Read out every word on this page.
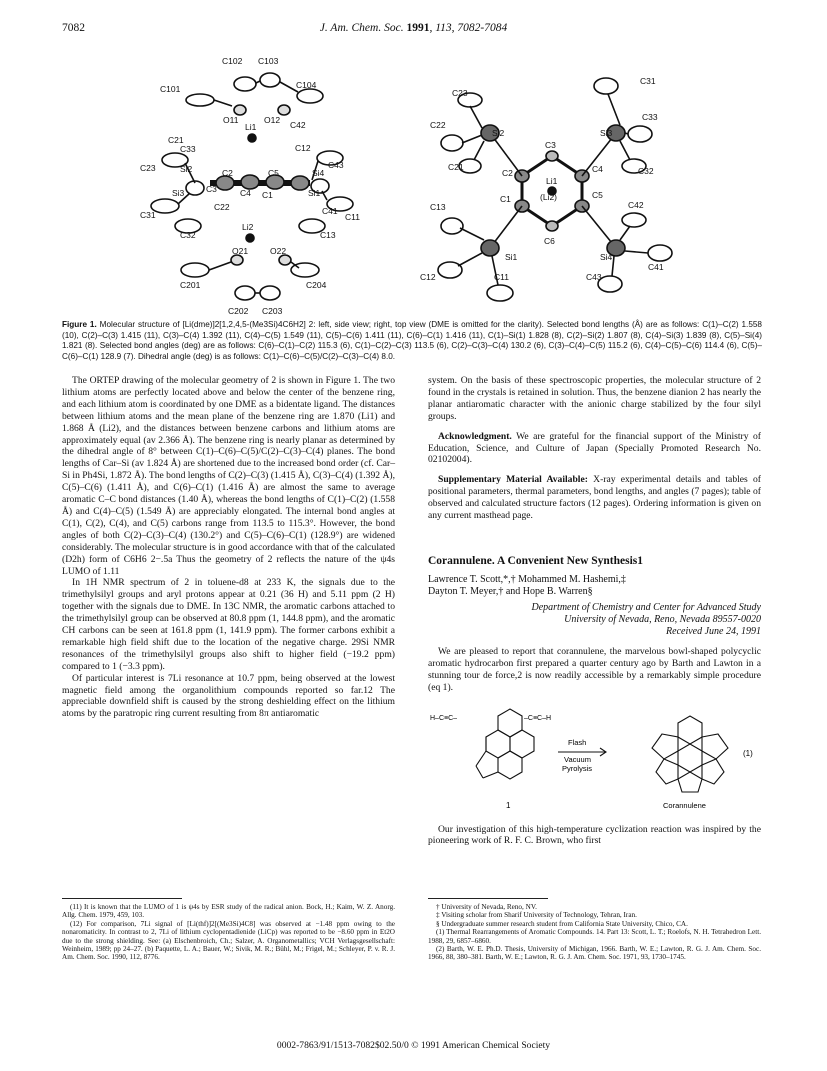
7082	J. Am. Chem. Soc. 1991, 113, 7082-7084
C102 C103
C101	C104
O11	O12
C21
Li1	C42
C33	C12
C43
C23	Si2	C2	C5	Si4
Si3	C3	C4 C1	Si1
C31
C22	C41
C11
C32
Li2
C13
O21	O22
C201	C204
C202 C203
C31
C23
C33
C22
Si2	Si3
C3
C21
C2	C4	C32
Li1
(Li2)
C1	C5
C13	C42
C6
Si1	Si4
C12
C41
C11	C43
Figure 1. Molecular structure of [Li(dme)]2[1,2,4,5-(Me3Si)4C6H2] 2: left, side view; right, top view (DME is omitted for the clarity). Selected bond lengths (Å) are as follows: C(1)–C(2) 1.558 (10), C(2)–C(3) 1.415 (11), C(3)–C(4) 1.392 (11), C(4)–C(5) 1.549 (11), C(5)–C(6) 1.411 (11), C(6)–C(1) 1.416 (11), C(1)–Si(1) 1.828 (8), C(2)–Si(2) 1.807 (8), C(4)–Si(3) 1.839 (8), C(5)–Si(4) 1.821 (8). Selected bond angles (deg) are as follows: C(6)–C(1)–C(2) 115.3 (6), C(1)–C(2)–C(3) 113.5 (6), C(2)–C(3)–C(4) 130.2 (6), C(3)–C(4)–C(5) 115.2 (6), C(4)–C(5)–C(6) 114.4 (6), C(5)–C(6)–C(1) 128.9 (7). Dihedral angle (deg) is as follows: C(1)–C(6)–C(5)/C(2)–C(3)–C(4) 8.0.

The ORTEP drawing of the molecular geometry of 2 is shown in Figure 1. The two lithium atoms are perfectly located above and below the center of the benzene ring, and each lithium atom is coordinated by one DME as a bidentate ligand. The distances between lithium atoms and the mean plane of the benzene ring are 1.870 (Li1) and 1.868 Å (Li2), and the distances between benzene carbons and lithium atoms are approximately equal (av 2.366 Å). The benzene ring is nearly planar as determined by the dihedral angle of 8° between C(1)–C(6)–C(5)/C(2)–C(3)–C(4) planes. The bond lengths of Car–Si (av 1.824 Å) are shortened due to the increased bond order (cf. Car–Si in Ph4Si, 1.872 Å). The bond lengths of C(2)–C(3) (1.415 Å), C(3)–C(4) (1.392 Å), C(5)–C(6) (1.411 Å), and C(6)–C(1) (1.416 Å) are almost the same to average aromatic C–C bond distances (1.40 Å), whereas the bond lengths of C(1)–C(2) (1.558 Å) and C(4)–C(5) (1.549 Å) are appreciably elongated. The internal bond angles at C(1), C(2), C(4), and C(5) carbons range from 113.5 to 115.3°. However, the bond angles of both C(2)–C(3)–C(4) (130.2°) and C(5)–C(6)–C(1) (128.9°) are widened considerably. The molecular structure is in good accordance with that of the calculated (D2h) form of C6H6 2−.5a Thus the geometry of 2 reflects the nature of the ψ4s LUMO of 1.11

In 1H NMR spectrum of 2 in toluene-d8 at 233 K, the signals due to the trimethylsilyl groups and aryl protons appear at 0.21 (36 H) and 5.11 ppm (2 H) together with the signals due to DME. In 13C NMR, the aromatic carbons attached to the trimethylsilyl group can be observed at 80.8 ppm (1, 144.8 ppm), and the aromatic CH carbons can be seen at 161.8 ppm (1, 141.9 ppm). The former carbons exhibit a remarkable high field shift due to the location of the negative charge. 29Si NMR resonances of the trimethylsilyl groups also shift to higher field (−19.2 ppm) compared to 1 (−3.3 ppm).

Of particular interest is 7Li resonance at 10.7 ppm, being observed at the lowest magnetic field among the organolithium compounds reported so far.12 The appreciable downfield shift is caused by the strong deshielding effect on the lithium atoms by the paratropic ring current resulting from 8π antiaromatic

system. On the basis of these spectroscopic properties, the molecular structure of 2 found in the crystals is retained in solution. Thus, the benzene dianion 2 has nearly the planar antiaromatic character with the anionic charge stabilized by the four silyl groups.

Acknowledgment. We are grateful for the financial support of the Ministry of Education, Science, and Culture of Japan (Specially Promoted Research No. 02102004).

Supplementary Material Available: X-ray experimental details and tables of positional parameters, thermal parameters, bond lengths, and angles (7 pages); table of observed and calculated structure factors (12 pages). Ordering information is given on any current masthead page.

Corannulene. A Convenient New Synthesis1
Lawrence T. Scott,*,† Mohammed M. Hashemi,‡
Dayton T. Meyer,† and Hope B. Warren§
Department of Chemistry and Center for Advanced Study
University of Nevada, Reno, Nevada 89557-0020
Received June 24, 1991

We are pleased to report that corannulene, the marvelous bowl-shaped polycyclic aromatic hydrocarbon first prepared a quarter century ago by Barth and Lawton in a stunning tour de force,2 is now readily accessible by a remarkably simple procedure (eq 1).

H–C≡C–	–C≡C–H
Flash
Vacuum
Pyrolysis
1	Corannulene
(1)

Our investigation of this high-temperature cyclization reaction was inspired by the pioneering work of R. F. C. Brown, who first

(11) It is known that the LUMO of 1 is ψ4s by ESR study of the radical anion. Bock, H.; Kaim, W. Z. Anorg. Allg. Chem. 1979, 459, 103.

(12) For comparison, 7Li signal of [Li(thf)]2[(Me3Si)4C8] was observed at −1.48 ppm owing to the nonaromaticity. In contrast to 2, 7Li of lithium cyclopentadienide (LiCp) was reported to be −8.60 ppm in Et2O due to the strong shielding. See: (a) Elschenbroich, Ch.; Salzer, A. Organometallics; VCH Verlagsgesellschaft: Weinheim, 1989; pp 24–27. (b) Paquette, L. A.; Bauer, W.; Sivik, M. R.; Bühl, M.; Frigel, M.; Schleyer, P. v. R. J. Am. Chem. Soc. 1990, 112, 8776.

† University of Nevada, Reno, NV.

‡ Visiting scholar from Sharif University of Technology, Tehran, Iran.

§ Undergraduate summer research student from California State University, Chico, CA.

(1) Thermal Rearrangements of Aromatic Compounds. 14. Part 13: Scott, L. T.; Roelofs, N. H. Tetrahedron Lett. 1988, 29, 6857–6860.

(2) Barth, W. E. Ph.D. Thesis, University of Michigan, 1966. Barth, W. E.; Lawton, R. G. J. Am. Chem. Soc. 1966, 88, 380–381. Barth, W. E.; Lawton, R. G. J. Am. Chem. Soc. 1971, 93, 1730–1745.

0002-7863/91/1513-7082$02.50/0 © 1991 American Chemical Society
